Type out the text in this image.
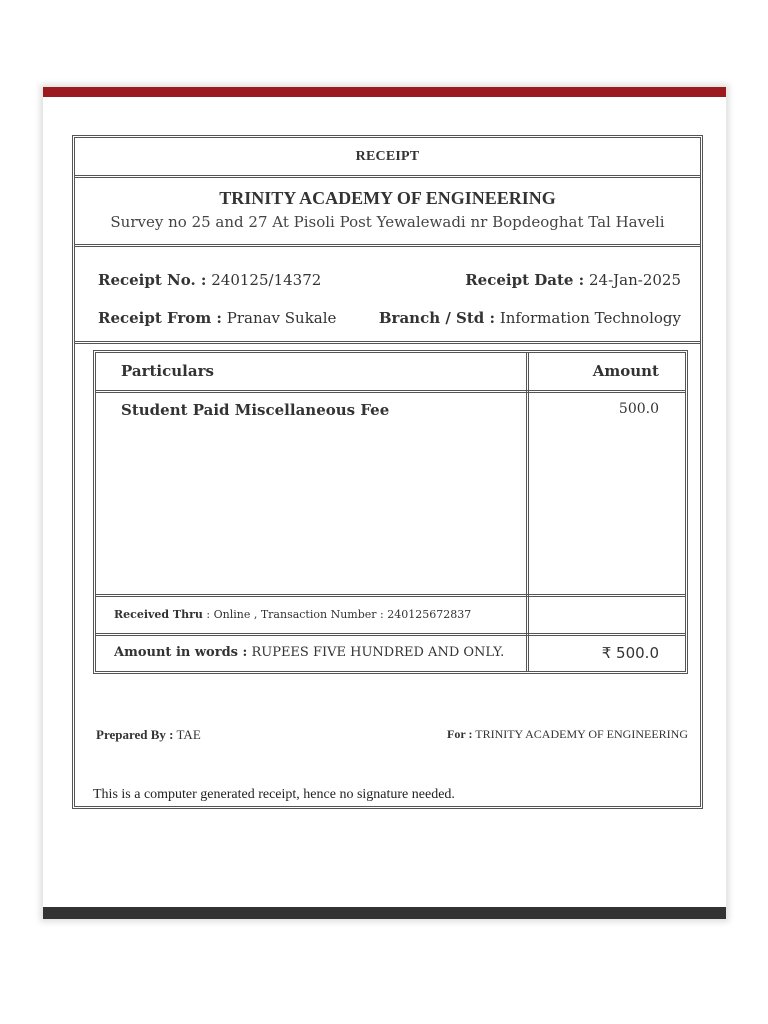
RECEIPT
TRINITY ACADEMY OF ENGINEERING
Survey no 25 and 27 At Pisoli Post Yewalewadi nr Bopdeoghat Tal Haveli
Receipt No. : 240125/14372	Receipt Date : 24-Jan-2025
Receipt From : Pranav Sukale	Branch / Std : Information Technology
Particulars	Amount
Student Paid Miscellaneous Fee	500.0
Received Thru : Online , Transaction Number : 240125672837
Amount in words : RUPEES FIVE HUNDRED AND ONLY.	₹ 500.0
Prepared By : TAE	For : TRINITY ACADEMY OF ENGINEERING
This is a computer generated receipt, hence no signature needed.
